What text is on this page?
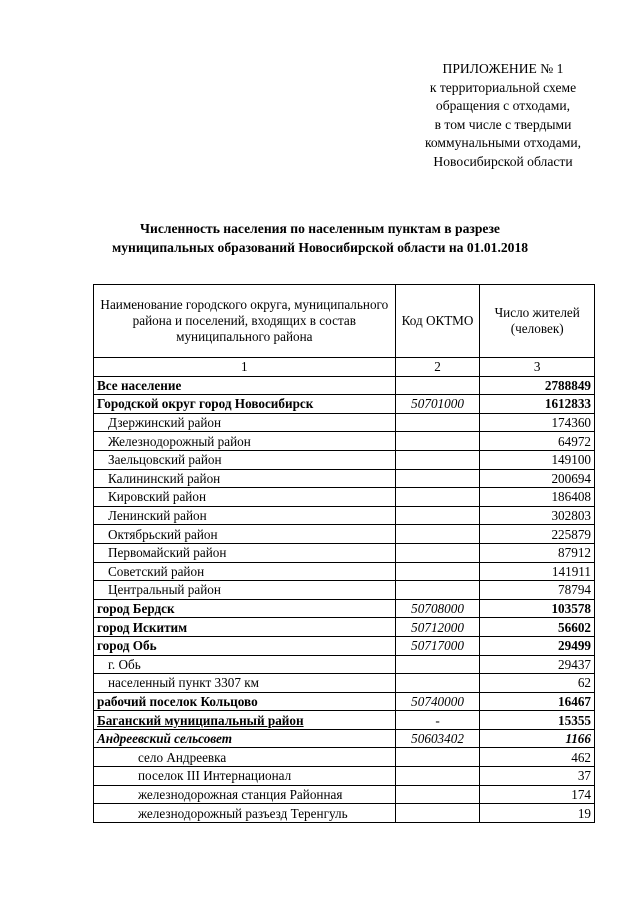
ПРИЛОЖЕНИЕ № 1
к территориальной схеме
обращения с отходами,
в том числе с твердыми
коммунальными отходами,
Новосибирской области
Численность населения по населенным пунктам в разрезе
муниципальных образований Новосибирской области на 01.01.2018
Наименование городского округа, муниципального района и поселений, входящих в состав муниципального района	Код ОКТМО	Число жителей (человек)
1	2	3
Все население		2788849
Городской округ город Новосибирск	50701000	1612833
Дзержинский район		174360
Железнодорожный район		64972
Заельцовский район		149100
Калининский район		200694
Кировский район		186408
Ленинский район		302803
Октябрьский район		225879
Первомайский район		87912
Советский район		141911
Центральный район		78794
город Бердск	50708000	103578
город Искитим	50712000	56602
город Обь	50717000	29499
г. Обь		29437
населенный пункт 3307 км		62
рабочий поселок Кольцово	50740000	16467
Баганский муниципальный район	-	15355
Андреевский сельсовет	50603402	1166
село Андреевка		462
поселок III Интернационал		37
железнодорожная станция Районная		174
железнодорожный разъезд Теренгуль		19
